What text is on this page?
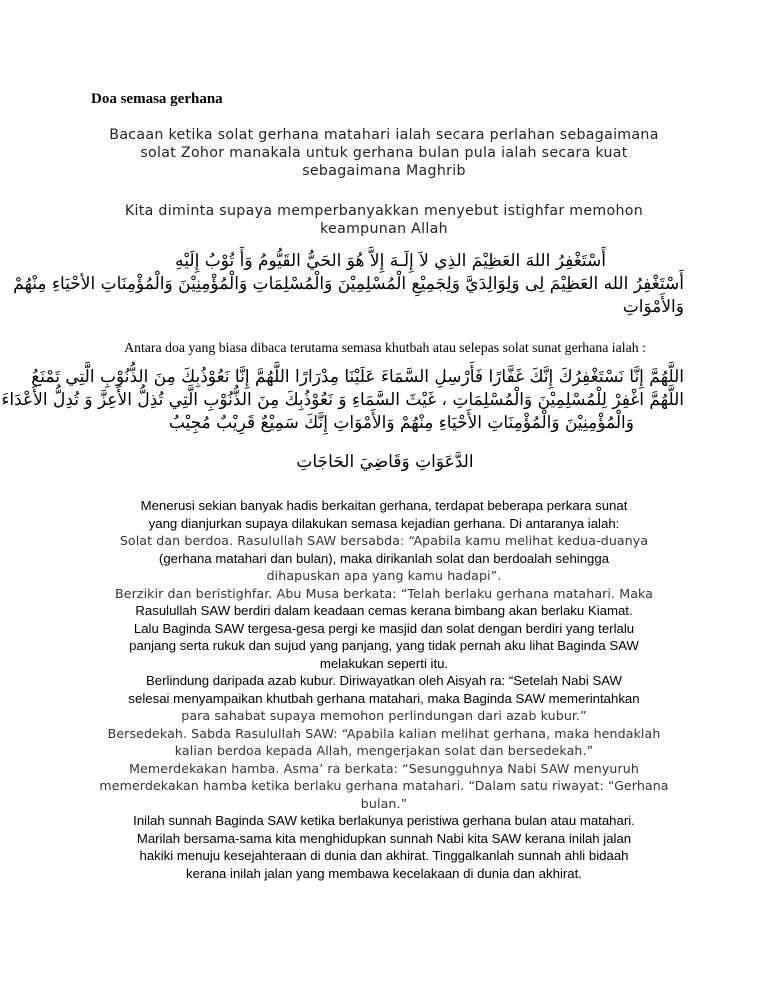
Doa semasa gerhana
Bacaan ketika solat gerhana matahari ialah secara perlahan sebagaimana
solat Zohor manakala untuk gerhana bulan pula ialah secara kuat
sebagaimana Maghrib
Kita diminta supaya memperbanyakkan menyebut istighfar memohon
keampunan Allah
أَسْتَغْفِرُ اللهَ العَظِيْمَ الذِي لاَ إِلَـهَ إِلاَّ هُوَ الحَيُّ القَيُّومُ وَأَ تُوْبُ إِلَيْهِ
أَسْتَغْفِرُ الله العَظِيْمَ لِى وَلِوَالِدَيَّ وَلِجَمِيْعِ الْمُسْلِمِيْنَ وَالْمُسْلِمَاتِ وَالْمُؤْمِنِيْنَ وَالْمُؤْمِنَاتِ الأحْيَاءِ مِنْهُمْ
وَالأَمْوَاتِ
Antara doa yang biasa dibaca terutama semasa khutbah atau selepas solat sunat gerhana ialah :
اللَّهُمَّ إِنَّا نَسْتَغْفِرُكَ إِنَّكَ غَفَّارًا فَأَرْسِلِ السَّمَاءَ عَلَيْنَا مِدْرَارًا اللَّهُمَّ إِنَّا نَعُوْذُبِكَ مِنَ الذُّنُوْبِ الَّتِي تَمْنَعُ
اللَّهُمَّ اغْفِرْ لِلْمُسْلِمِيْنَ وَالْمُسْلِمَاتِ ، غَيْثَ السَّمَاءِ وَ نَعُوْذُبِكَ مِنَ الذُّنُوْبِ الَّتِي تُذِلُّ الأَعِزَّ وَ تُدِلُّ الأَعْدَاءَ
وَالْمُؤْمِنِيْنَ وَالْمُؤْمِنَاتِ الأَحْيَاءِ مِنْهُمْ وَالأَمْوَاتِ إِنَّكَ سَمِيْعٌ قَرِيْبٌ مُجِيْبُ
الدَّعَوَاتِ وَقَاضِيَ الحَاجَاتِ
Menerusi sekian banyak hadis berkaitan gerhana, terdapat beberapa perkara sunat
yang dianjurkan supaya dilakukan semasa kejadian gerhana. Di antaranya ialah:
Solat dan berdoa. Rasulullah SAW bersabda: “Apabila kamu melihat kedua-duanya
(gerhana matahari dan bulan), maka dirikanlah solat dan berdoalah sehingga
dihapuskan apa yang kamu hadapi”.
Berzikir dan beristighfar. Abu Musa berkata: “Telah berlaku gerhana matahari. Maka
Rasulullah SAW berdiri dalam keadaan cemas kerana bimbang akan berlaku Kiamat.
Lalu Baginda SAW tergesa-gesa pergi ke masjid dan solat dengan berdiri yang terlalu
panjang serta rukuk dan sujud yang panjang, yang tidak pernah aku lihat Baginda SAW
melakukan seperti itu.
Berlindung daripada azab kubur. Diriwayatkan oleh Aisyah ra: “Setelah Nabi SAW
selesai menyampaikan khutbah gerhana matahari, maka Baginda SAW memerintahkan
para sahabat supaya memohon perlindungan dari azab kubur.”
Bersedekah. Sabda Rasulullah SAW: “Apabila kalian melihat gerhana, maka hendaklah
kalian berdoa kepada Allah, mengerjakan solat dan bersedekah.”
Memerdekakan hamba. Asma’ ra berkata: “Sesungguhnya Nabi SAW menyuruh
memerdekakan hamba ketika berlaku gerhana matahari. “Dalam satu riwayat: “Gerhana
bulan.”
Inilah sunnah Baginda SAW ketika berlakunya peristiwa gerhana bulan atau matahari.
Marilah bersama-sama kita menghidupkan sunnah Nabi kita SAW kerana inilah jalan
hakiki menuju kesejahteraan di dunia dan akhirat. Tinggalkanlah sunnah ahli bidaah
kerana inilah jalan yang membawa kecelakaan di dunia dan akhirat.
